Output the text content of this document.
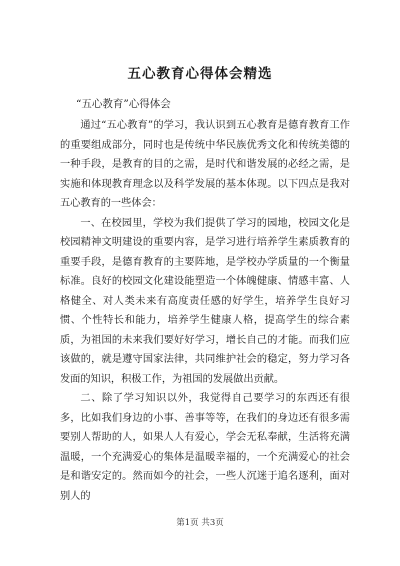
五心教育心得体会精选
“五心教育”心得体会

通过“五心教育”的学习，我认识到五心教育是德育教育工作的重要组成部分，同时也是传统中华民族优秀文化和传统美德的一种手段，是教育的目的之需，是时代和谐发展的必经之需，是实施和体现教育理念以及科学发展的基本体现。以下四点是我对五心教育的一些体会：

一、在校园里，学校为我们提供了学习的园地，校园文化是校园精神文明建设的重要内容，是学习进行培养学生素质教育的重要手段，是德育教育的主要阵地，是学校办学质量的一个衡量标准。良好的校园文化建设能塑造一个体魄健康、情感丰富、人格健全、对人类未来有高度责任感的好学生，培养学生良好习惯、个性特长和能力，培养学生健康人格，提高学生的综合素质，为祖国的未来我们要好好学习，增长自己的才能。而我们应该做的，就是遵守国家法律，共同维护社会的稳定，努力学习各发面的知识，积极工作，为祖国的发展做出贡献。

二、除了学习知识以外，我觉得自己要学习的东西还有很多，比如我们身边的小事、善事等等，在我们的身边还有很多需要别人帮助的人，如果人人有爱心，学会无私奉献，生活将充满温暖，一个充满爱心的集体是温暖幸福的，一个充满爱心的社会是和谐安定的。然而如今的社会，一些人沉迷于追名逐利，面对别人的

第1页 共3页
